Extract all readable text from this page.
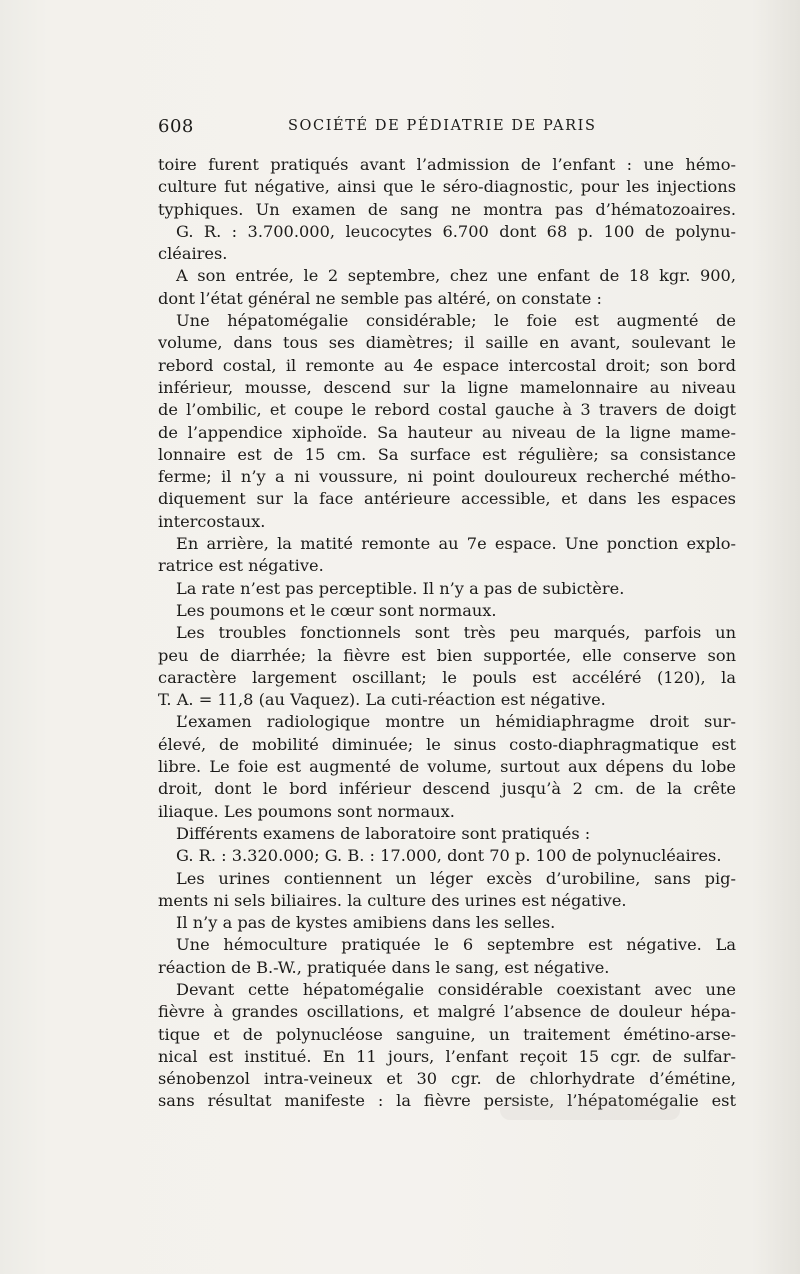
608	SOCIÉTÉ DE PÉDIATRIE DE PARIS
toire furent pratiqués avant l’admission de l’enfant : une hémo-
culture fut négative, ainsi que le séro-diagnostic, pour les injections
typhiques. Un examen de sang ne montra pas d’hématozoaires.
G. R. : 3.700.000, leucocytes 6.700 dont 68 p. 100 de polynu-
cléaires.
A son entrée, le 2 septembre, chez une enfant de 18 kgr. 900,
dont l’état général ne semble pas altéré, on constate :
Une hépatomégalie considérable; le foie est augmenté de
volume, dans tous ses diamètres; il saille en avant, soulevant le
rebord costal, il remonte au 4e espace intercostal droit; son bord
inférieur, mousse, descend sur la ligne mamelonnaire au niveau
de l’ombilic, et coupe le rebord costal gauche à 3 travers de doigt
de l’appendice xiphoïde. Sa hauteur au niveau de la ligne mame-
lonnaire est de 15 cm. Sa surface est régulière; sa consistance
ferme; il n’y a ni voussure, ni point douloureux recherché métho-
diquement sur la face antérieure accessible, et dans les espaces
intercostaux.
En arrière, la matité remonte au 7e espace. Une ponction explo-
ratrice est négative.
La rate n’est pas perceptible. Il n’y a pas de subictère.
Les poumons et le cœur sont normaux.
Les troubles fonctionnels sont très peu marqués, parfois un
peu de diarrhée; la fièvre est bien supportée, elle conserve son
caractère largement oscillant; le pouls est accéléré (120), la
T. A. = 11,8 (au Vaquez). La cuti-réaction est négative.
L’examen radiologique montre un hémidiaphragme droit sur-
élevé, de mobilité diminuée; le sinus costo-diaphragmatique est
libre. Le foie est augmenté de volume, surtout aux dépens du lobe
droit, dont le bord inférieur descend jusqu’à 2 cm. de la crête
iliaque. Les poumons sont normaux.
Différents examens de laboratoire sont pratiqués :
G. R. : 3.320.000; G. B. : 17.000, dont 70 p. 100 de polynucléaires.
Les urines contiennent un léger excès d’urobiline, sans pig-
ments ni sels biliaires. la culture des urines est négative.
Il n’y a pas de kystes amibiens dans les selles.
Une hémoculture pratiquée le 6 septembre est négative. La
réaction de B.-W., pratiquée dans le sang, est négative.
Devant cette hépatomégalie considérable coexistant avec une
fièvre à grandes oscillations, et malgré l’absence de douleur hépa-
tique et de polynucléose sanguine, un traitement émétino-arse-
nical est institué. En 11 jours, l’enfant reçoit 15 cgr. de sulfar-
sénobenzol intra-veineux et 30 cgr. de chlorhydrate d’émétine,
sans résultat manifeste : la fièvre persiste, l’hépatomégalie est
